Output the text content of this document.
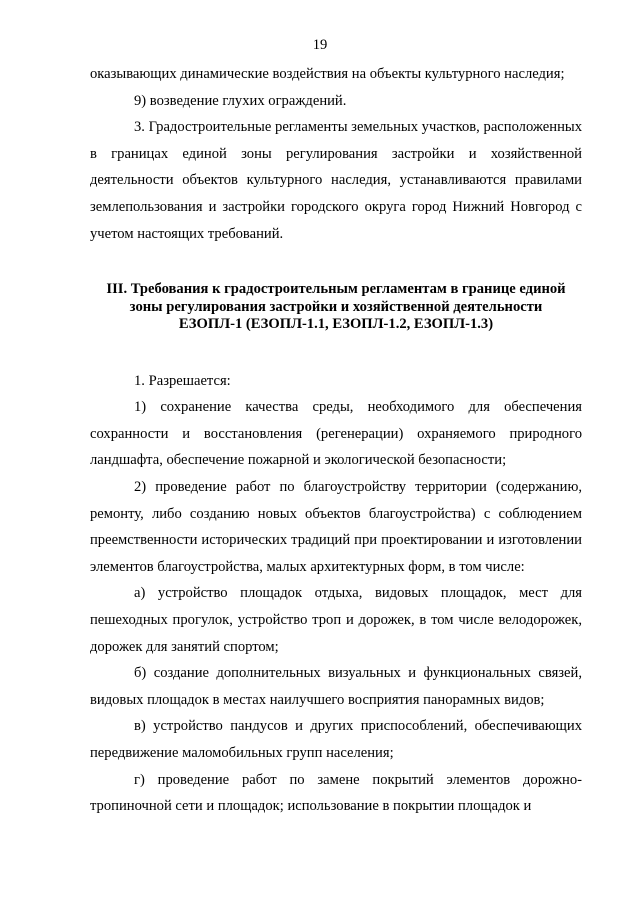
19

оказывающих динамические воздействия на объекты культурного наследия;

9) возведение глухих ограждений.

3. Градостроительные регламенты земельных участков, расположенных в границах единой зоны регулирования застройки и хозяйственной деятельности объектов культурного наследия, устанавливаются правилами землепользования и застройки городского округа город Нижний Новгород с учетом настоящих требований.

III. Требования к градостроительным регламентам в границе единой
зоны регулирования застройки и хозяйственной деятельности
ЕЗОПЛ-1 (ЕЗОПЛ-1.1, ЕЗОПЛ-1.2, ЕЗОПЛ-1.3)

1. Разрешается:

1) сохранение качества среды, необходимого для обеспечения сохранности и восстановления (регенерации) охраняемого природного ландшафта, обеспечение пожарной и экологической безопасности;

2) проведение работ по благоустройству территории (содержанию, ремонту, либо созданию новых объектов благоустройства) с соблюдением преемственности исторических традиций при проектировании и изготовлении элементов благоустройства, малых архитектурных форм, в том числе:

а) устройство площадок отдыха, видовых площадок, мест для пешеходных прогулок, устройство троп и дорожек, в том числе велодорожек, дорожек для занятий спортом;

б) создание дополнительных визуальных и функциональных связей, видовых площадок в местах наилучшего восприятия панорамных видов;

в) устройство пандусов и других приспособлений, обеспечивающих передвижение маломобильных групп населения;

г) проведение работ по замене покрытий элементов дорожно-тропиночной сети и площадок; использование в покрытии площадок и
